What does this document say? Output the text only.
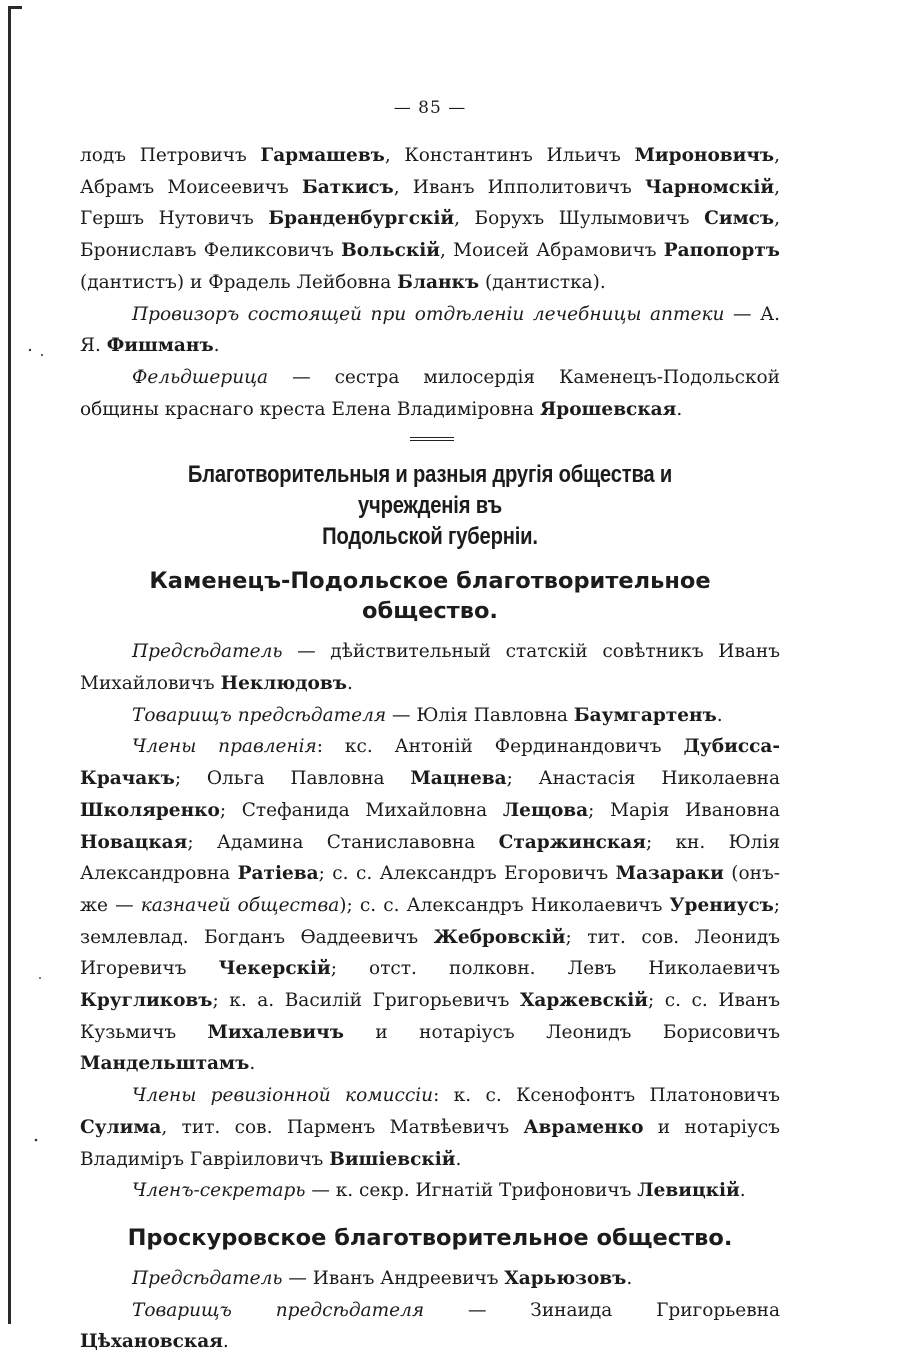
— 85 —

лодъ Петровичъ Гармашевъ, Константинъ Ильичъ Мироновичъ, Абрамъ Моисеевичъ Баткисъ, Иванъ Ипполитовичъ Чарномскій, Гершъ Нутовичъ Бранденбургскій, Борухъ Шулымовичъ Симсъ, Брониславъ Феликсовичъ Вольскій, Моисей Абрамовичъ Рапопортъ (дантистъ) и Фрадель Лейбовна Бланкъ (дантистка).

Провизоръ состоящей при отдѣленіи лечебницы аптеки — А. Я. Фишманъ.

Фельдшерица — сестра милосердія Каменецъ-Подольской общины краснаго креста Елена Владиміровна Ярошевская.

Благотворительныя и разныя другія общества и учрежденія въ
Подольской губерніи.
Каменецъ-Подольское благотворительное общество.

Предсѣдатель — дѣйствительный статскій совѣтникъ Иванъ Михайловичъ Неклюдовъ.

Товарищъ предсѣдателя — Юлія Павловна Баумгартенъ.

Члены правленія: кс. Антоній Фердинандовичъ Дубисса-Крачакъ; Ольга Павловна Мацнева; Анастасія Николаевна Школяренко; Стефанида Михайловна Лещова; Марія Ивановна Новацкая; Адамина Станиславовна Старжинская; кн. Юлія Александровна Ратіева; с. с. Александръ Егоровичъ Мазараки (онъ-же — казначей общества); с. с. Александръ Николаевичъ Урениусъ; землевлад. Богданъ Ѳаддеевичъ Жебровскій; тит. сов. Леонидъ Игоревичъ Чекерскій; отст. полковн. Левъ Николаевичъ Кругликовъ; к. а. Василій Григорьевичъ Харжевскій; с. с. Иванъ Кузьмичъ Михалевичъ и нотаріусъ Леонидъ Борисовичъ Мандельштамъ.

Члены ревизіонной комиссіи: к. с. Ксенофонтъ Платоновичъ Сулима, тит. сов. Парменъ Матвѣевичъ Авраменко и нотаріусъ Владиміръ Гавріиловичъ Вишіевскій.

Членъ-секретарь — к. секр. Игнатій Трифоновичъ Левицкій.

Проскуровское благотворительное общество.

Предсѣдатель — Иванъ Андреевичъ Харьюзовъ.

Товарищъ предсѣдателя — Зинаида Григорьевна Цѣхановская.
